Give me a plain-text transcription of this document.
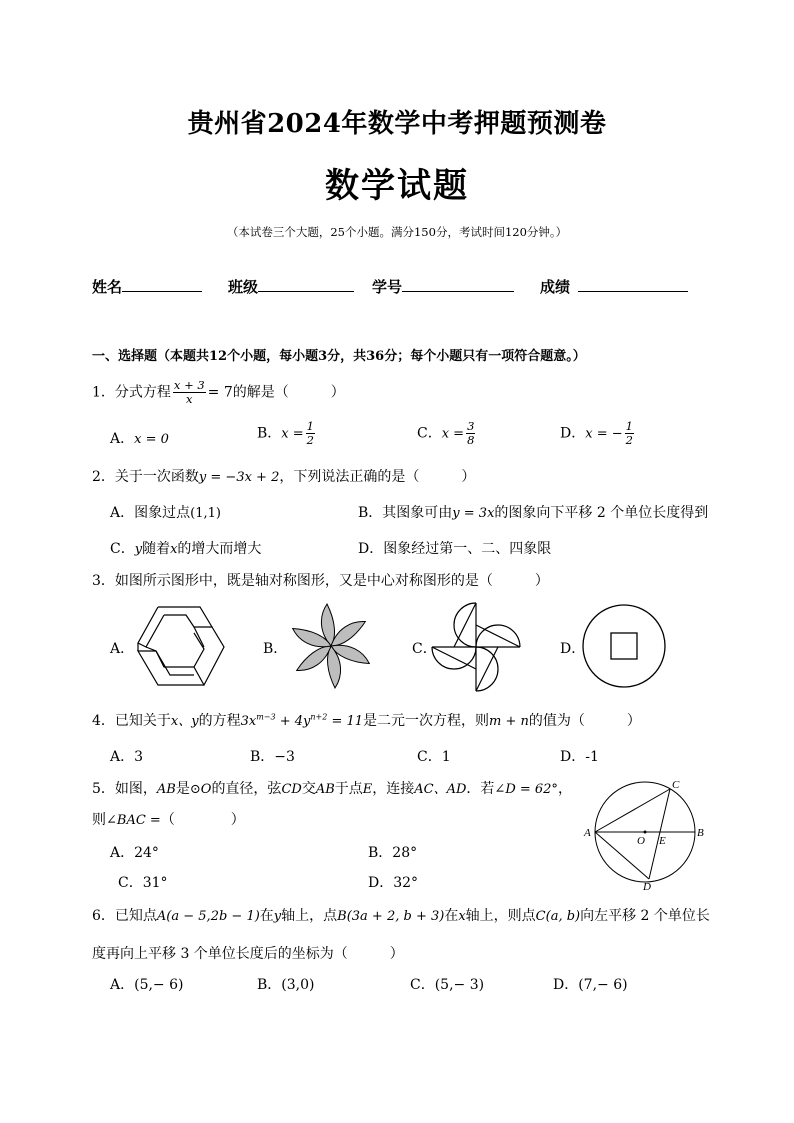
贵州省2024年数学中考押题预测卷
数学试题
（本试卷三个大题，25个小题。满分150分，考试时间120分钟。）
姓名	班级	学号	成绩
一、选择题（本题共12个小题，每小题3分，共36分；每个小题只有一项符合题意。）
1．分式方程 $\frac{x + 3}{x} = 7$的解是（　　　）
A．x = 0	B．$x = \frac{1}{2}$	C．$x = \frac{3}{8}$	D．x = − $\frac{1}{2}$
2．关于一次函数y = −3x + 2，下列说法正确的是（　　　）
A．图象过点(1,1)	B．其图象可由y = 3x的图象向下平移 2 个单位长度得到
C．y随着x的增大而增大	D．图象经过第一、二、四象限
3．如图所示图形中，既是轴对称图形，又是中心对称图形的是（　　　）
A．	B．	C．	D．
4．已知关于x、y的方程$3x^{m-3} + 4y^{n+2} = 11$是二元一次方程，则m + n的值为（　　　）
A．3	B．−3	C．1	D．-1
5．如图，AB是⊙O的直径，弦CD交AB于点E，连接AC、AD．若∠D = 62°，
则∠BAC =（　　　　）
A．24°	B．28°
C．31°	D．32°
A	B
C
D
O E
6．已知点A(a − 5,2b − 1)在y轴上，点B(3a + 2, b + 3)在x轴上，则点C(a, b)向左平移 2 个单位长
度再向上平移 3 个单位长度后的坐标为（　　　）
A．(5,− 6)	B．(3,0)	C．(5,− 3)	D．(7,− 6)
